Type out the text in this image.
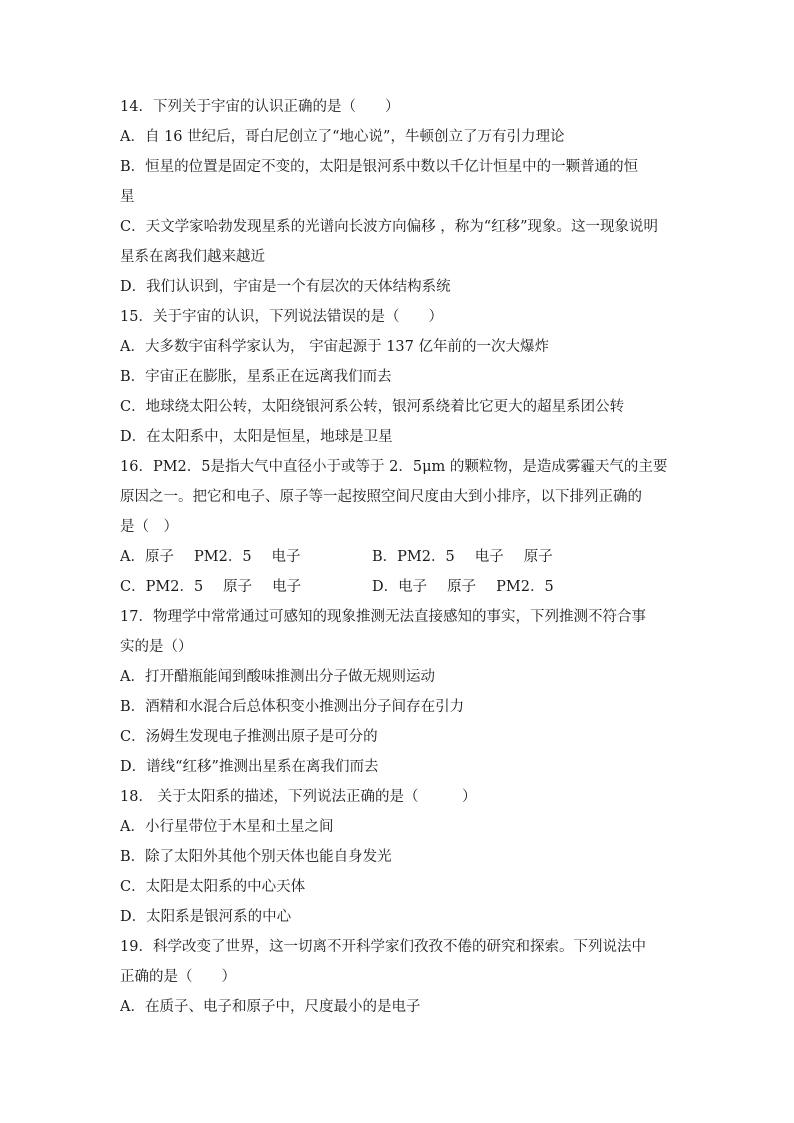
14．下列关于宇宙的认识正确的是（　　）
A．自 16 世纪后，哥白尼创立了“地心说”，牛顿创立了万有引力理论
B．恒星的位置是固定不变的，太阳是银河系中数以千亿计恒星中的一颗普通的恒
星
C．天文学家哈勃发现星系的光谱向长波方向偏移 ，称为“红移”现象。这一现象说明
星系在离我们越来越近
D．我们认识到，宇宙是一个有层次的天体结构系统
15．关于宇宙的认识，下列说法错误的是（　　）
A．大多数宇宙科学家认为， 宇宙起源于 137 亿年前的一次大爆炸
B．宇宙正在膨胀，星系正在远离我们而去
C．地球绕太阳公转，太阳绕银河系公转，银河系绕着比它更大的超星系团公转
D．在太阳系中，太阳是恒星，地球是卫星
16．PM2．5是指大气中直径小于或等于 2．5μm 的颗粒物，是造成雾霾天气的主要
原因之一。把它和电子、原子等一起按照空间尺度由大到小排序，以下排列正确的
是（　）
A．原子 PM2．5 电子	B．PM2．5 电子 原子
C．PM2．5 原子 电子	D．电子 原子 PM2．5
17．物理学中常常通过可感知的现象推测无法直接感知的事实，下列推测不符合事
实的是（）
A．打开醋瓶能闻到酸味推测出分子做无规则运动
B．酒精和水混合后总体积变小推测出分子间存在引力
C．汤姆生发现电子推测出原子是可分的
D．谱线“红移”推测出星系在离我们而去
18． 关于太阳系的描述，下列说法正确的是（　　　）
A．小行星带位于木星和土星之间
B．除了太阳外其他个别天体也能自身发光
C．太阳是太阳系的中心天体
D．太阳系是银河系的中心
19．科学改变了世界，这一切离不开科学家们孜孜不倦的研究和探索。下列说法中
正确的是（　　）
A．在质子、电子和原子中，尺度最小的是电子
